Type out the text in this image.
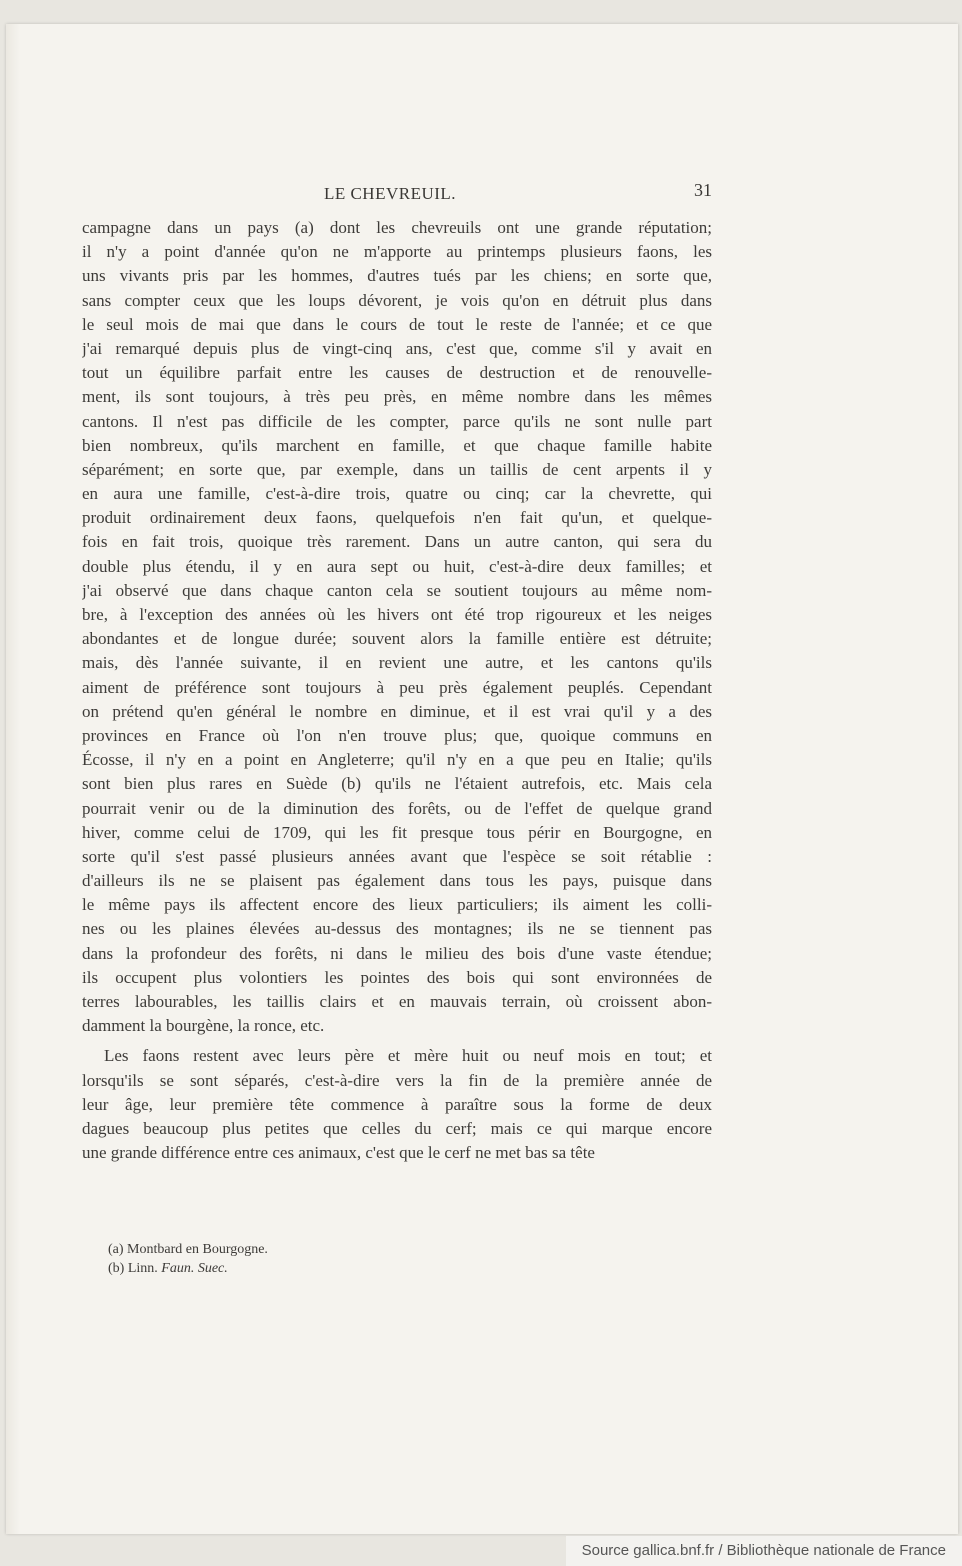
LE CHEVREUIL.	31
campagne dans un pays (a) dont les chevreuils ont une grande réputation;
il n'y a point d'année qu'on ne m'apporte au printemps plusieurs faons, les
uns vivants pris par les hommes, d'autres tués par les chiens; en sorte que,
sans compter ceux que les loups dévorent, je vois qu'on en détruit plus dans
le seul mois de mai que dans le cours de tout le reste de l'année; et ce que
j'ai remarqué depuis plus de vingt-cinq ans, c'est que, comme s'il y avait en
tout un équilibre parfait entre les causes de destruction et de renouvelle-
ment, ils sont toujours, à très peu près, en même nombre dans les mêmes
cantons. Il n'est pas difficile de les compter, parce qu'ils ne sont nulle part
bien nombreux, qu'ils marchent en famille, et que chaque famille habite
séparément; en sorte que, par exemple, dans un taillis de cent arpents il y
en aura une famille, c'est-à-dire trois, quatre ou cinq; car la chevrette, qui
produit ordinairement deux faons, quelquefois n'en fait qu'un, et quelque-
fois en fait trois, quoique très rarement. Dans un autre canton, qui sera du
double plus étendu, il y en aura sept ou huit, c'est-à-dire deux familles; et
j'ai observé que dans chaque canton cela se soutient toujours au même nom-
bre, à l'exception des années où les hivers ont été trop rigoureux et les neiges
abondantes et de longue durée; souvent alors la famille entière est détruite;
mais, dès l'année suivante, il en revient une autre, et les cantons qu'ils
aiment de préférence sont toujours à peu près également peuplés. Cependant
on prétend qu'en général le nombre en diminue, et il est vrai qu'il y a des
provinces en France où l'on n'en trouve plus; que, quoique communs en
Écosse, il n'y en a point en Angleterre; qu'il n'y en a que peu en Italie; qu'ils
sont bien plus rares en Suède (b) qu'ils ne l'étaient autrefois, etc. Mais cela
pourrait venir ou de la diminution des forêts, ou de l'effet de quelque grand
hiver, comme celui de 1709, qui les fit presque tous périr en Bourgogne, en
sorte qu'il s'est passé plusieurs années avant que l'espèce se soit rétablie :
d'ailleurs ils ne se plaisent pas également dans tous les pays, puisque dans
le même pays ils affectent encore des lieux particuliers; ils aiment les colli-
nes ou les plaines élevées au-dessus des montagnes; ils ne se tiennent pas
dans la profondeur des forêts, ni dans le milieu des bois d'une vaste étendue;
ils occupent plus volontiers les pointes des bois qui sont environnées de
terres labourables, les taillis clairs et en mauvais terrain, où croissent abon-
damment la bourgène, la ronce, etc.
Les faons restent avec leurs père et mère huit ou neuf mois en tout; et
lorsqu'ils se sont séparés, c'est-à-dire vers la fin de la première année de
leur âge, leur première tête commence à paraître sous la forme de deux
dagues beaucoup plus petites que celles du cerf; mais ce qui marque encore
une grande différence entre ces animaux, c'est que le cerf ne met bas sa tête
(a) Montbard en Bourgogne.
(b) Linn. Faun. Suec.
Source gallica.bnf.fr / Bibliothèque nationale de France
